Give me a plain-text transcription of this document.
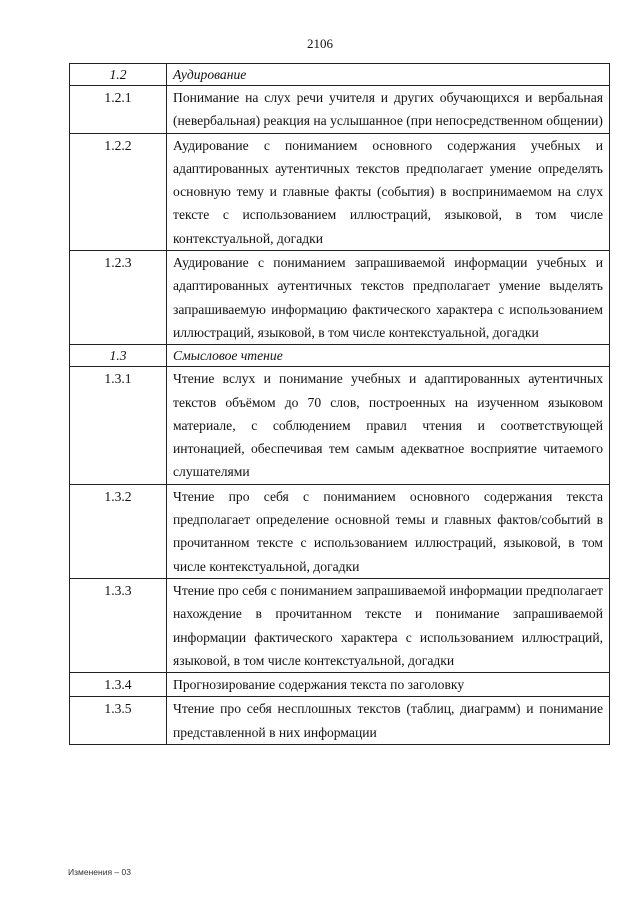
2106
1.2	Аудирование
1.2.1	Понимание на слух речи учителя и других обучающихся и вербальная (невербальная) реакция на услышанное (при непосредственном общении)
1.2.2	Аудирование с пониманием основного содержания учебных и адаптированных аутентичных текстов предполагает умение определять основную тему и главные факты (события) в воспринимаемом на слух тексте с использованием иллюстраций, языковой, в том числе контекстуальной, догадки
1.2.3	Аудирование с пониманием запрашиваемой информации учебных и адаптированных аутентичных текстов предполагает умение выделять запрашиваемую информацию фактического характера с использованием иллюстраций, языковой, в том числе контекстуальной, догадки
1.3	Смысловое чтение
1.3.1	Чтение вслух и понимание учебных и адаптированных аутентичных текстов объёмом до 70 слов, построенных на изученном языковом материале, с соблюдением правил чтения и соответствующей интонацией, обеспечивая тем самым адекватное восприятие читаемого слушателями
1.3.2	Чтение про себя с пониманием основного содержания текста предполагает определение основной темы и главных фактов/событий в прочитанном тексте с использованием иллюстраций, языковой, в том числе контекстуальной, догадки
1.3.3	Чтение про себя с пониманием запрашиваемой информации предполагает нахождение в прочитанном тексте и понимание запрашиваемой информации фактического характера с использованием иллюстраций, языковой, в том числе контекстуальной, догадки
1.3.4	Прогнозирование содержания текста по заголовку
1.3.5	Чтение про себя несплошных текстов (таблиц, диаграмм) и понимание представленной в них информации
Изменения – 03
